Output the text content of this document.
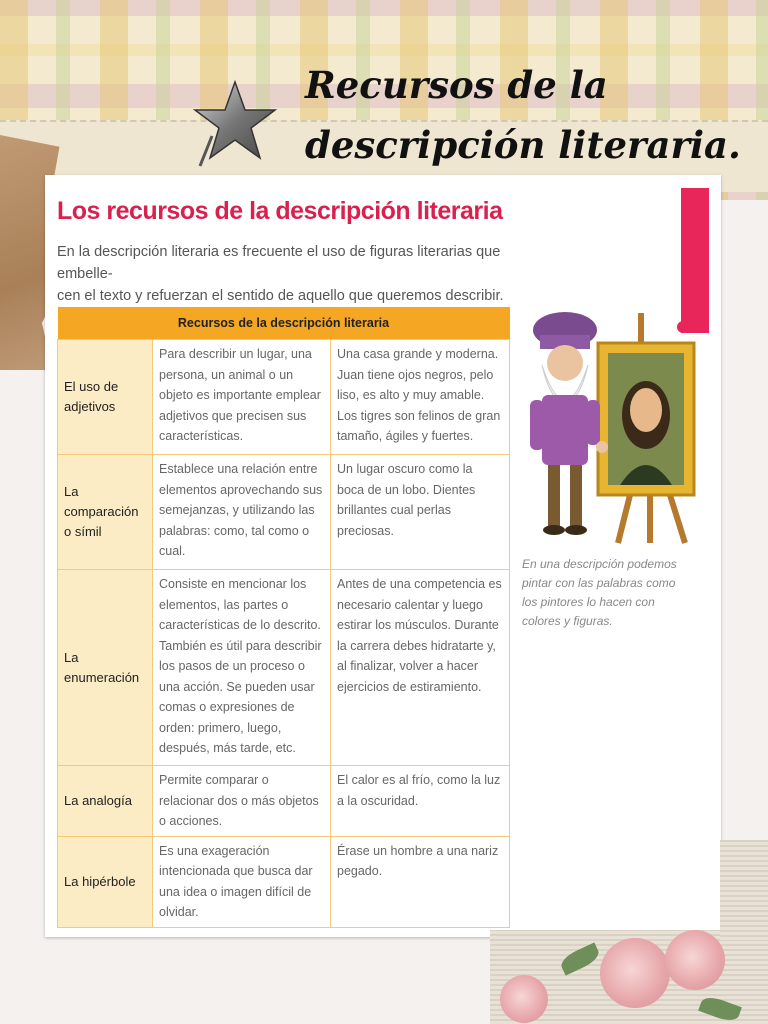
Recursos de la
descripción literaria.
Los recursos de la descripción literaria
En la descripción literaria es frecuente el uso de figuras literarias que embelle-
cen el texto y refuerzan el sentido de aquello que queremos describir.
Recursos de la descripción literaria		
El uso de adjetivos	Para describir un lugar, una persona, un animal o un objeto es importante emplear adjetivos que precisen sus características.	Una casa grande y moderna. Juan tiene ojos negros, pelo liso, es alto y muy amable. Los tigres son felinos de gran tamaño, ágiles y fuertes.
La comparación o símil	Establece una relación entre elementos aprovechando sus semejanzas, y utilizando las palabras: como, tal como o cual.	Un lugar oscuro como la boca de un lobo. Dientes brillantes cual perlas preciosas.
La enumeración	Consiste en mencionar los elementos, las partes o características de lo descrito. También es útil para describir los pasos de un proceso o una acción. Se pueden usar comas o expresiones de orden: primero, luego, después, más tarde, etc.	Antes de una competencia es necesario calentar y luego estirar los músculos. Durante la carrera debes hidratarte y, al finalizar, volver a hacer ejercicios de estiramiento.
La analogía	Permite comparar o relacionar dos o más objetos o acciones.	El calor es al frío, como la luz a la oscuridad.
La hipérbole	Es una exageración intencionada que busca dar una idea o imagen difícil de olvidar.	Érase un hombre a una nariz pegado.
En una descripción podemos pintar con las palabras como los pintores lo hacen con colores y figuras.
